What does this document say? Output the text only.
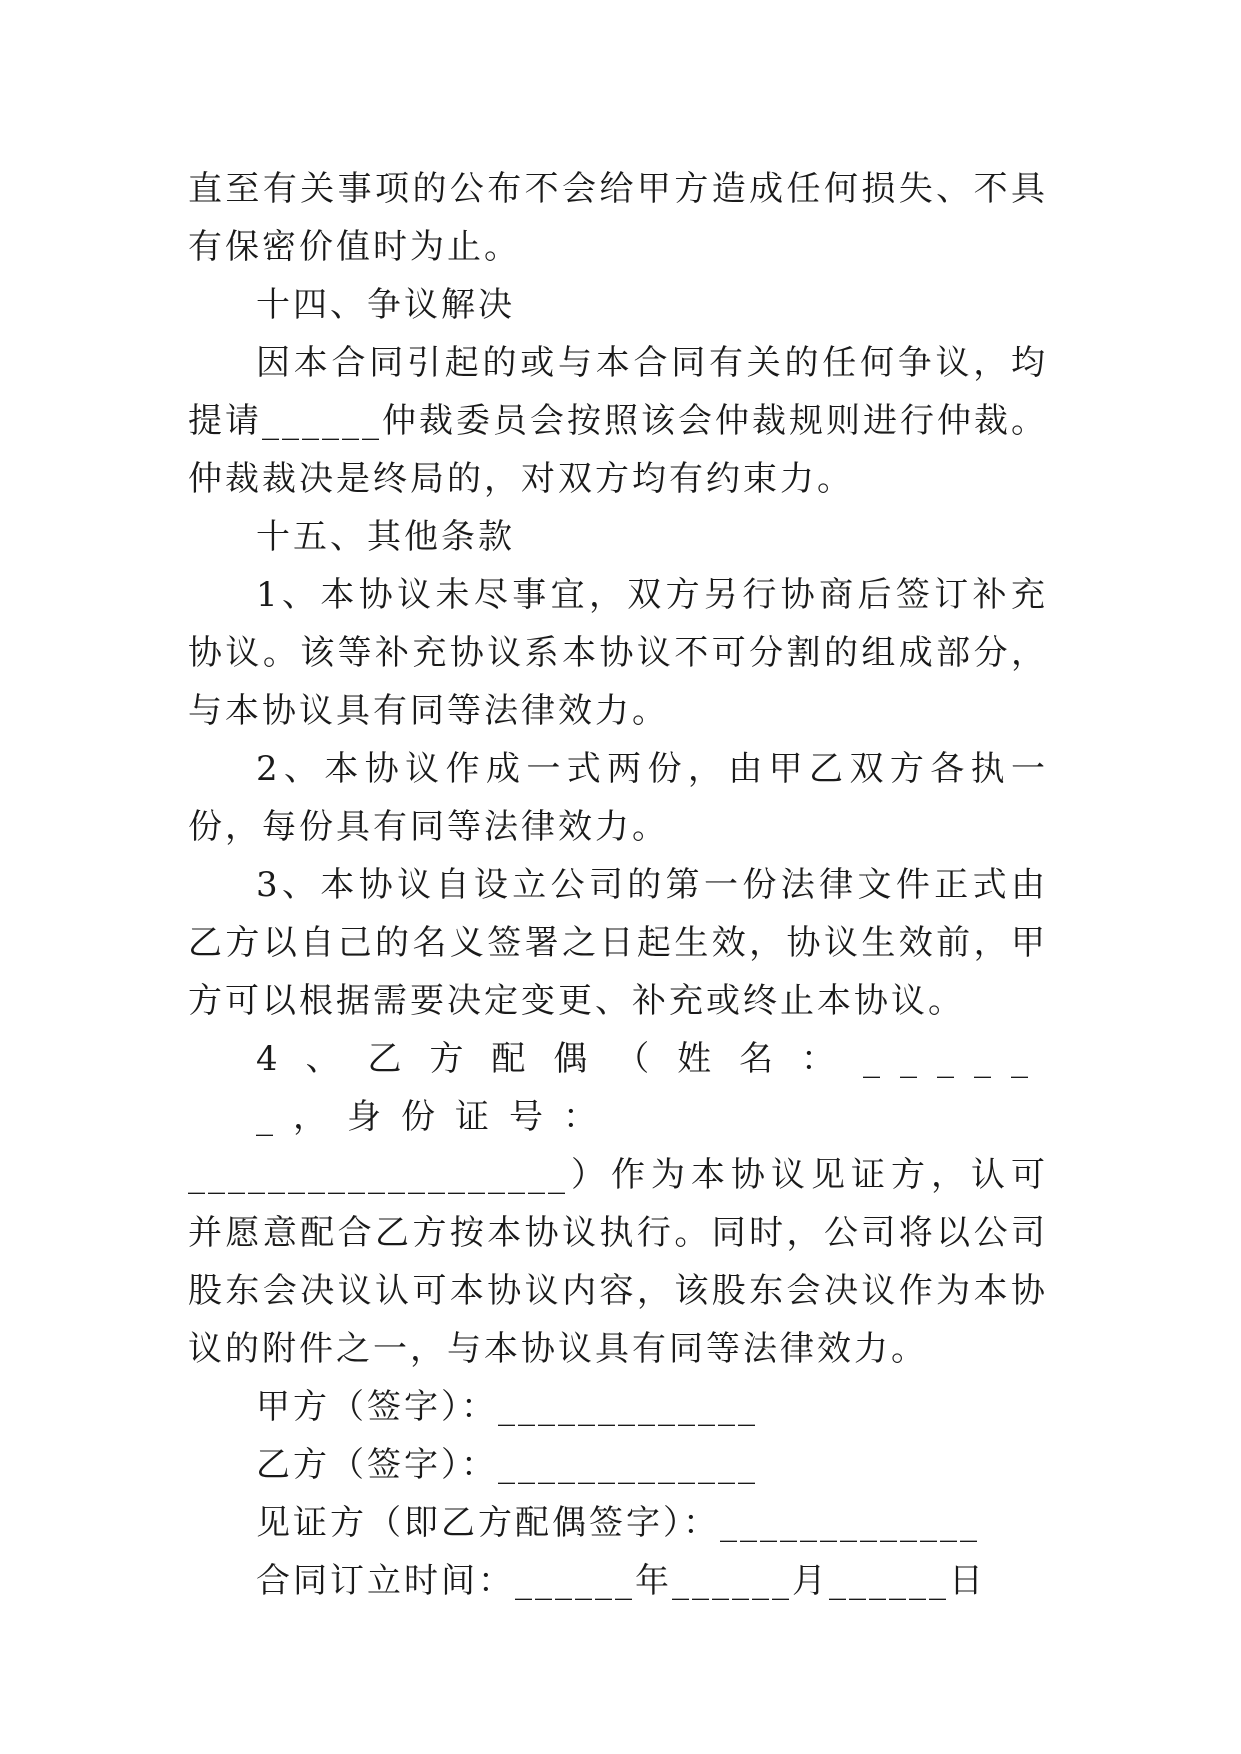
直至有关事项的公布不会给甲方造成任何损失、不具有保密价值时为止。

十四、争议解决

因本合同引起的或与本合同有关的任何争议，均提请______仲裁委员会按照该会仲裁规则进行仲裁。仲裁裁决是终局的，对双方均有约束力。

十五、其他条款

1、本协议未尽事宜，双方另行协商后签订补充协议。该等补充协议系本协议不可分割的组成部分，与本协议具有同等法律效力。

2、本协议作成一式两份，由甲乙双方各执一份，每份具有同等法律效力。

3、本协议自设立公司的第一份法律文件正式由乙方以自己的名义签署之日起生效，协议生效前，甲方可以根据需要决定变更、补充或终止本协议。

4、乙方配偶（姓名：______，身份证号：

___________________）作为本协议见证方，认可并愿意配合乙方按本协议执行。同时，公司将以公司股东会决议认可本协议内容，该股东会决议作为本协议的附件之一，与本协议具有同等法律效力。

甲方（签字）：_____________

乙方（签字）：_____________

见证方（即乙方配偶签字）：_____________

合同订立时间：______年______月______日
